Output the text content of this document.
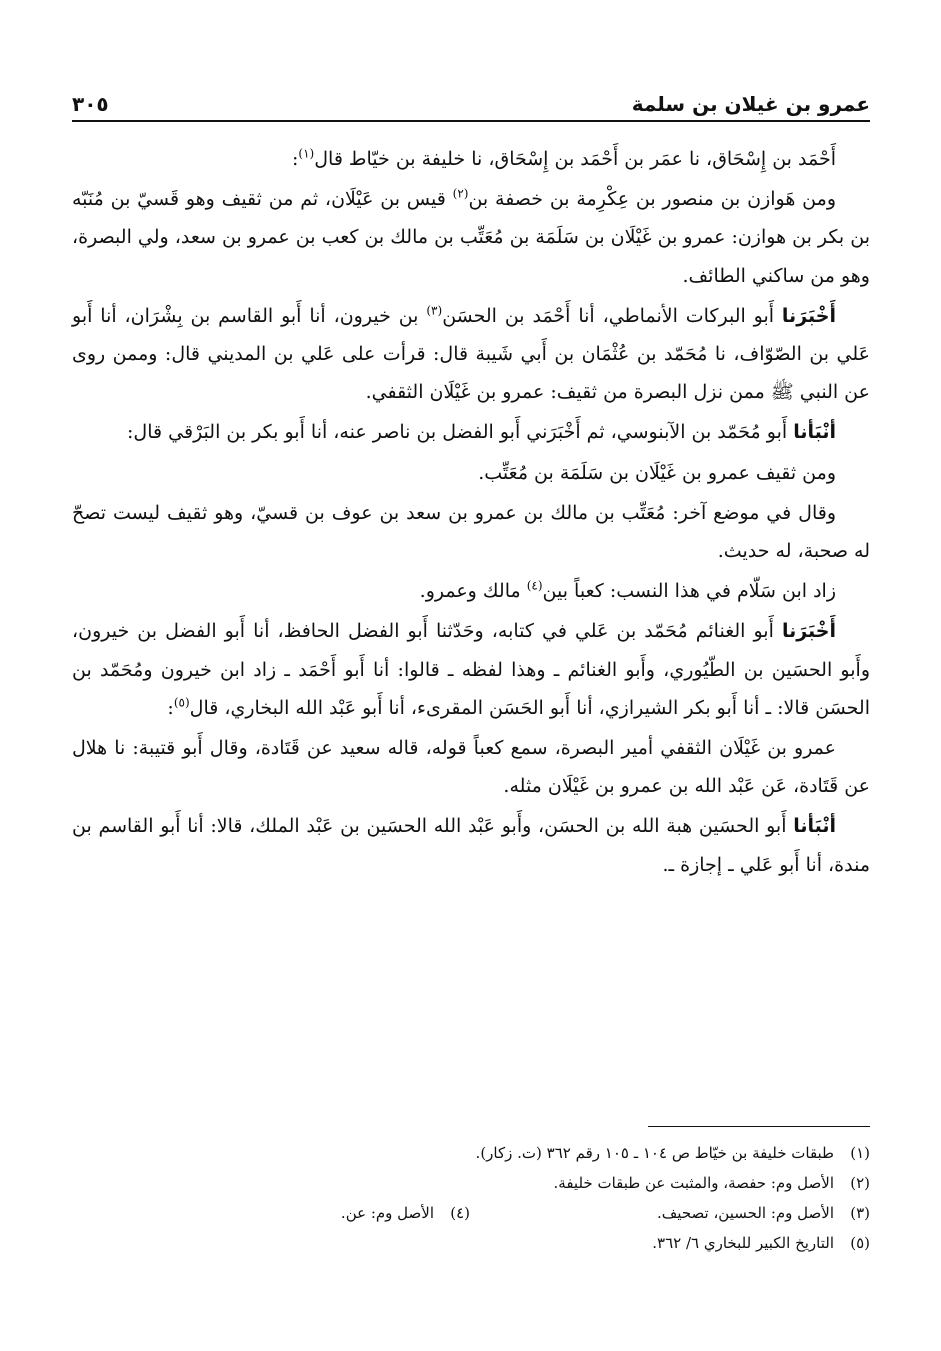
عمرو بن غيلان بن سلمة
٣٠٥

أَحْمَد بن إِسْحَاق، نا عمَر بن أَحْمَد بن إِسْحَاق، نا خليفة بن خيّاط قال$^{(١)}$:

ومن هَوازن بن منصور بن عِكْرِمة بن خصفة بن$^{(٢)}$ قيس بن عَيْلَان، ثم من ثقيف وهو قَسيّ بن مُنَبّه بن بكر بن هوازن: عمرو بن غَيْلَان بن سَلَمَة بن مُعَتِّب بن مالك بن كعب بن عمرو بن سعد، ولي البصرة، وهو من ساكني الطائف.

أَخْبَرَنا أَبو البركات الأنماطي، أنا أَحْمَد بن الحسَن$^{(٣)}$ بن خيرون، أنا أَبو القاسم بن بِشْرَان، أنا أَبو عَلي بن الصّوّاف، نا مُحَمّد بن عُثْمَان بن أَبي شَيبة قال: قرأت على عَلي بن المديني قال: وممن روى عن النبي ﷺ ممن نزل البصرة من ثقيف: عمرو بن غَيْلَان الثقفي.

أنْبَأنا أَبو مُحَمّد بن الآبنوسي، ثم أَخْبَرَني أَبو الفضل بن ناصر عنه، أنا أَبو بكر بن البَرْقي قال:

ومن ثقيف عمرو بن غَيْلَان بن سَلَمَة بن مُعَتِّب.

وقال في موضع آخر: مُعَتِّب بن مالك بن عمرو بن سعد بن عوف بن قسيّ، وهو ثقيف ليست تصحّ له صحبة، له حديث.

زاد ابن سَلّام في هذا النسب: كعباً بين$^{(٤)}$ مالك وعمرو.

أَخْبَرَنا أَبو الغنائم مُحَمّد بن عَلي في كتابه، وحَدّثنا أَبو الفضل الحافظ، أنا أَبو الفضل بن خيرون، وأَبو الحسَين بن الطّيُوري، وأَبو الغنائم ـ وهذا لفظه ـ قالوا: أنا أَبو أَحْمَد ـ زاد ابن خيرون ومُحَمّد بن الحسَن قالا: ـ أنا أَبو بكر الشيرازي، أنا أَبو الحَسَن المقرىء، أنا أَبو عَبْد الله البخاري، قال$^{(٥)}$:

عمرو بن غَيْلَان الثقفي أمير البصرة، سمع كعباً قوله، قاله سعيد عن قَتَادة، وقال أَبو قتيبة: نا هلال عن قَتَادة، عَن عَبْد الله بن عمرو بن غَيْلَان مثله.

أنْبَأنا أَبو الحسَين هبة الله بن الحسَن، وأَبو عَبْد الله الحسَين بن عَبْد الملك، قالا: أنا أَبو القاسم بن مندة، أنا أَبو عَلي ـ إجازة ـ.

(١)طبقات خليفة بن خيّاط ص ١٠٤ ـ ١٠٥ رقم ٣٦٢ (ت. زكار).
(٢)الأصل وم: حفصة، والمثبت عن طبقات خليفة.
(٣)الأصل وم: الحسين، تصحيف.
(٤)الأصل وم: عن.
(٥)التاريخ الكبير للبخاري ٦/ ٣٦٢.
